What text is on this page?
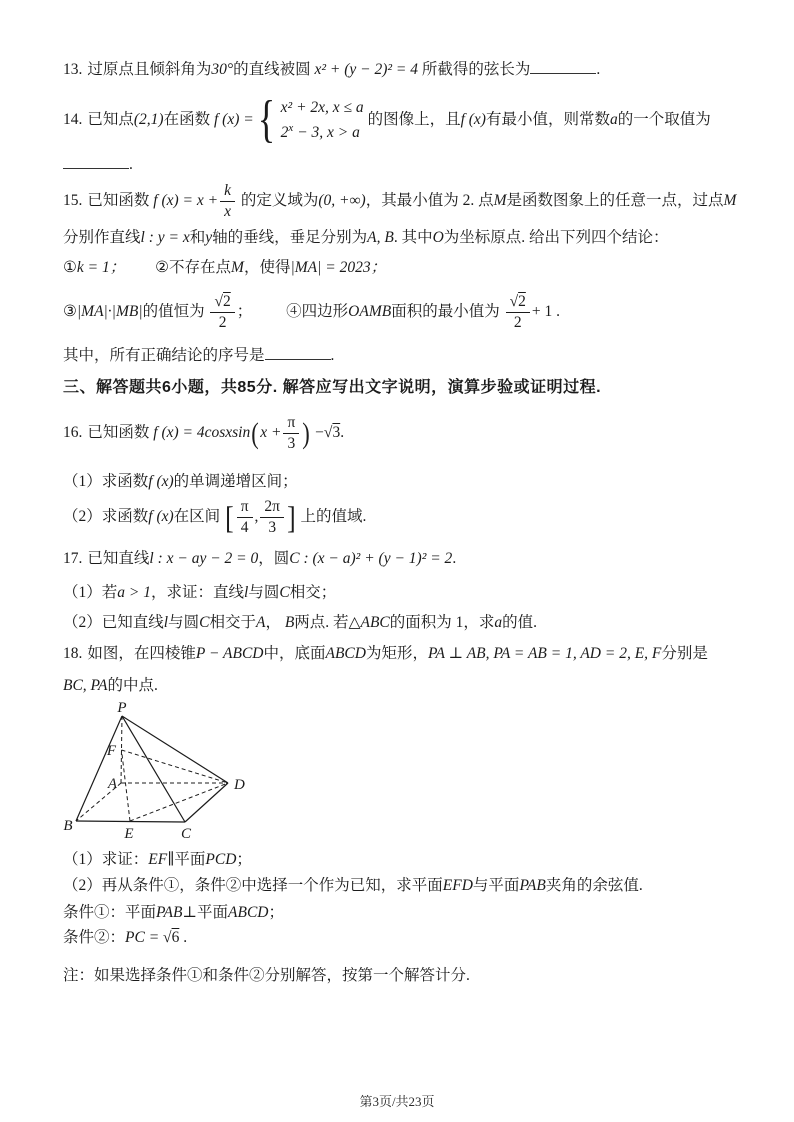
13. 过原点且倾斜角为30°的直线被圆 x² + (y − 2)² = 4 所截得的弦长为	.
14. 已知点(2,1)在函数 f (x) ={ x² + 2x, x ≤ a
$2^x - 3$, x > a
的图像上，且f (x)有最小值，则常数a的一个取值为
.
15. 已知函数 f $(x) = x + \frac{k}{x}$ 的定义域为(0, +∞)，其最小值为 2. 点M是函数图象上的任意一点，过点M
分别作直线l : y = x和y轴的垂线，垂足分别为A, B. 其中O为坐标原点. 给出下列四个结论：
①k = 1； ②不存在点M，使得|MA| = 2023；
③|MA|·|MB|的值恒为 $\frac{√2}{2}$ ； ④四边形OAMB面积的最小值为 $\frac{√2}{2} + 1$ .
其中，所有正确结论的序号是	.
三、解答题共6小题，共85分. 解答应写出文字说明，演算步验或证明过程.
16. 已知函数 f (x) = 4cosxsin(x + $\frac{\pi}{3}$ ) −√3.
（1）求函数f (x)的单调递增区间；
（2）求函数f (x)在区间 [ $\frac{\pi}{4}$ , $\frac{2\pi}{3}$ ] 上的值域.
17. 已知直线l : x − ay − 2 = 0，圆C : (x − a)² + (y − 1)² = 2.
（1）若a > 1，求证：直线l与圆C相交；
（2）已知直线l与圆C相交于A， B两点. 若△ABC的面积为 1，求a的值.
18. 如图，在四棱锥P − ABCD中，底面ABCD为矩形，PA ⊥ AB, PA = AB = 1, AD = 2, E, F分别是
BC, PA的中点.
P
F
A
B	E	C
D
（1）求证：EF∥平面PCD；
（2）再从条件①，条件②中选择一个作为已知，求平面EFD与平面PAB夹角的余弦值.
条件①：平面PAB⊥平面ABCD；
条件②：PC = √6 .
注：如果选择条件①和条件②分别解答，按第一个解答计分.
第3页/共23页
